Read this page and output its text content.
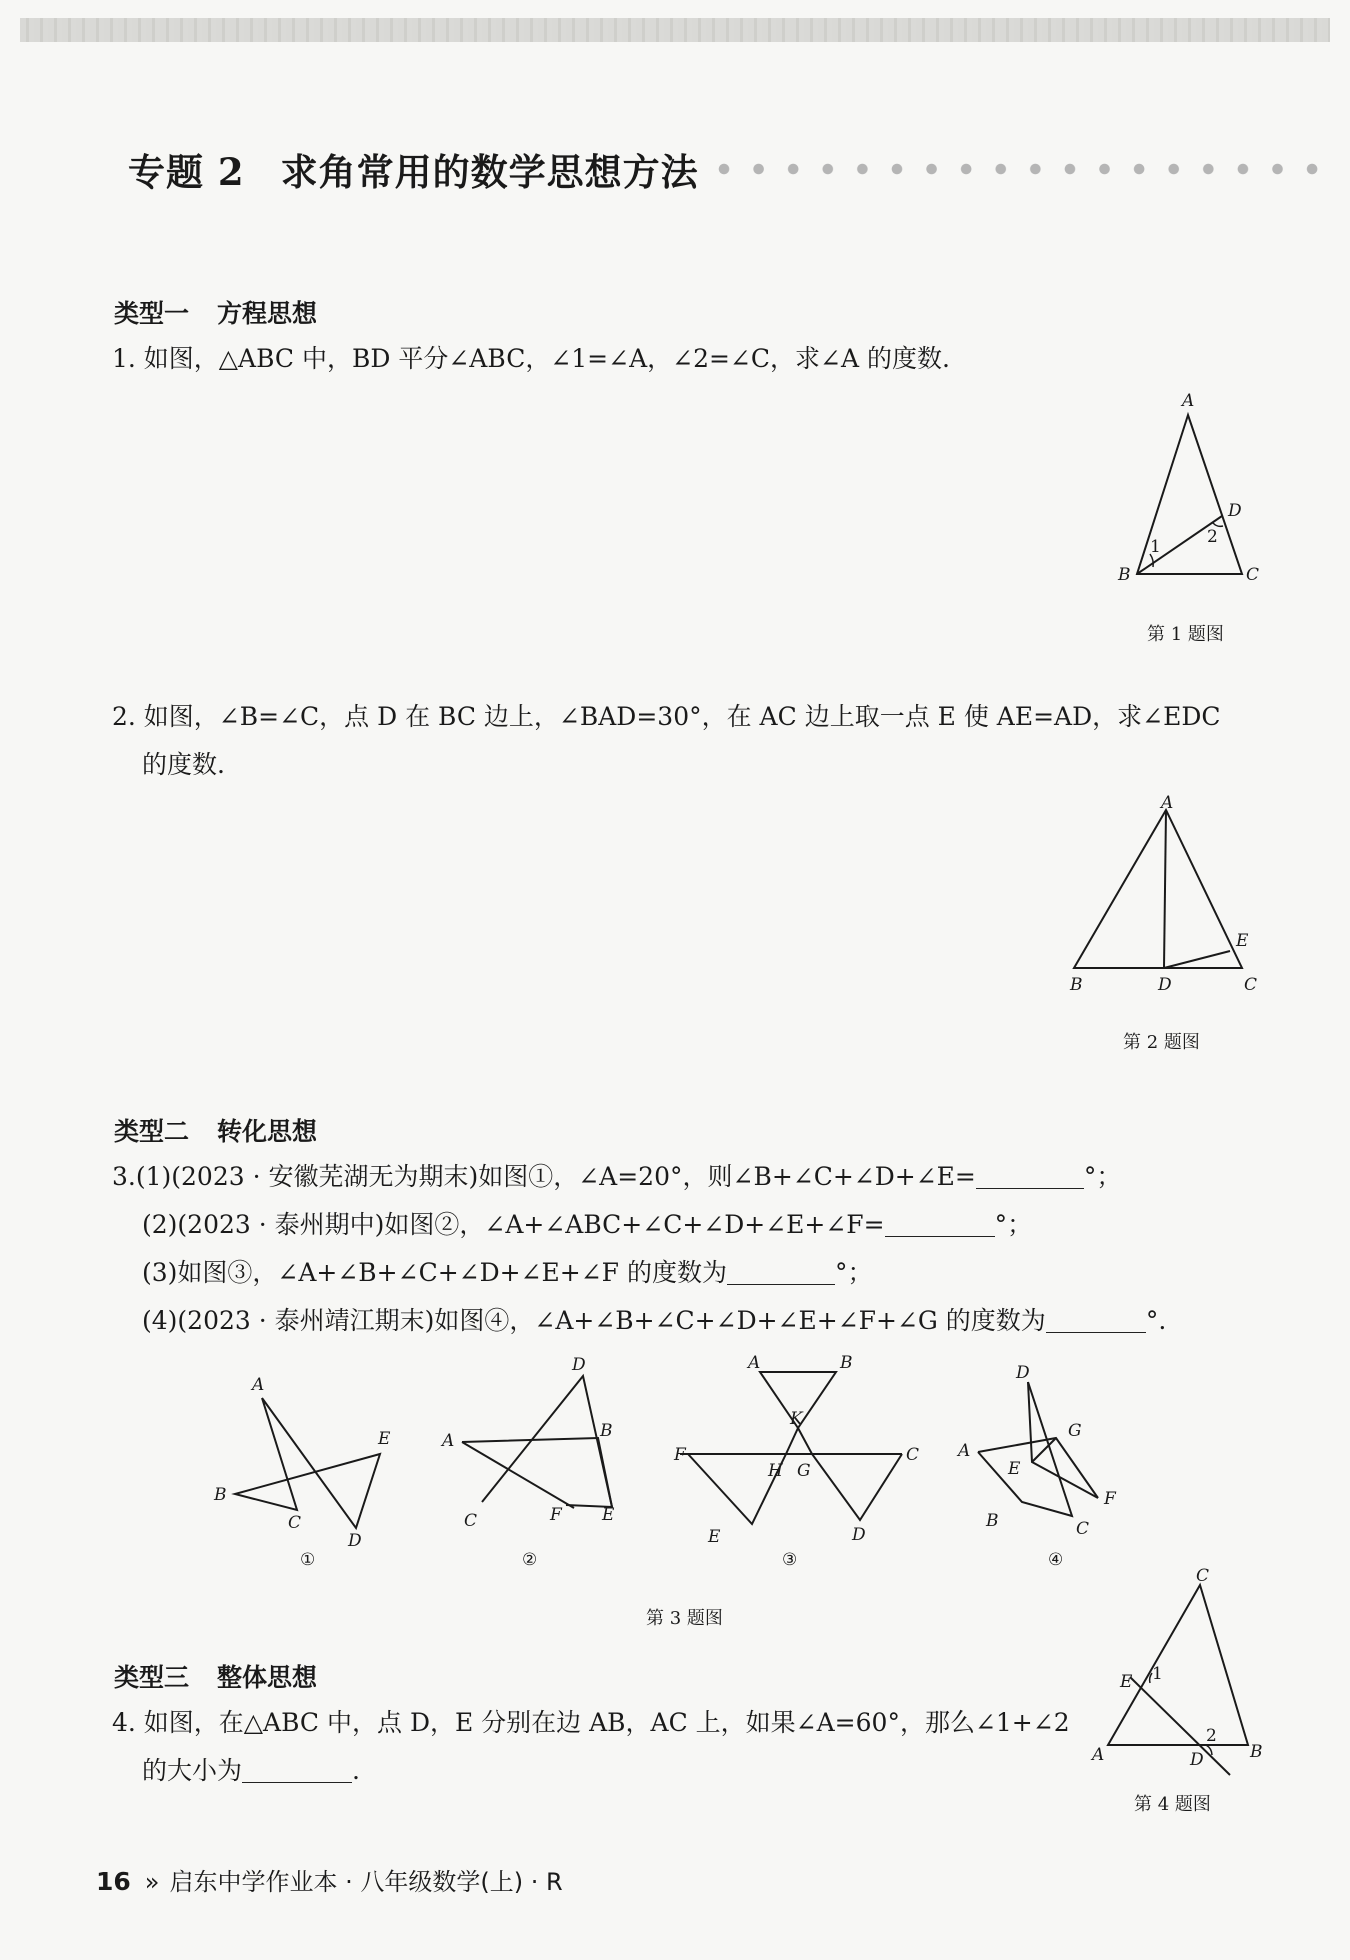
专题 2 求角常用的数学思想方法
类型一 方程思想
1. 如图，△ABC 中，BD 平分∠ABC，∠1=∠A，∠2=∠C，求∠A 的度数.
A
D
B	C
1	2
第 1 题图
2. 如图，∠B=∠C，点 D 在 BC 边上，∠BAD=30°，在 AC 边上取一点 E 使 AE=AD，求∠EDC
的度数.
A
B	D	C
E
第 2 题图
类型二 转化思想
3.(1)(2023 · 安徽芜湖无为期末)如图①，∠A=20°，则∠B+∠C+∠D+∠E=	°；
(2)(2023 · 泰州期中)如图②，∠A+∠ABC+∠C+∠D+∠E+∠F=	°；
(3)如图③，∠A+∠B+∠C+∠D+∠E+∠F 的度数为	°；
(4)(2023 · 泰州靖江期末)如图④，∠A+∠B+∠C+∠D+∠E+∠F+∠G 的度数为	°.
A
B
C
D
E
①
A	B
C
D
F E
②
A	B
C
D
E
F
K
H G
③
A
B	C
D
E
G
F
④
第 3 题图
类型三 整体思想
4. 如图，在△ABC 中，点 D，E 分别在边 AB，AC 上，如果∠A=60°，那么∠1+∠2
的大小为	.
C
E 1
2
A	D	B
第 4 题图
16 » 启东中学作业本 · 八年级数学(上) · R
